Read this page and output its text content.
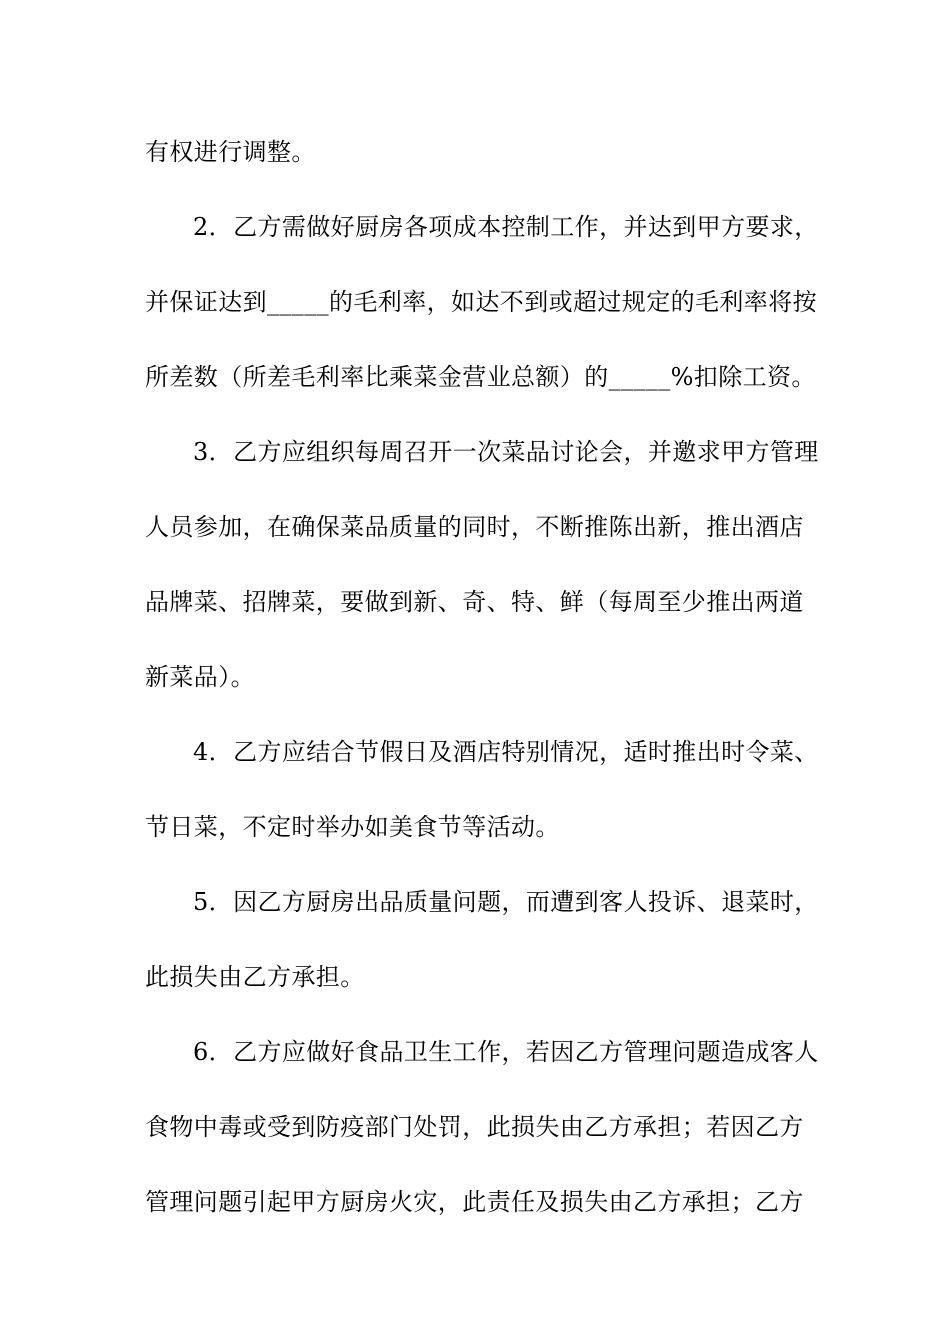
有权进行调整。
2．乙方需做好厨房各项成本控制工作，并达到甲方要求，
并保证达到_____的毛利率，如达不到或超过规定的毛利率将按
所差数（所差毛利率比乘菜金营业总额）的_____%扣除工资。
3．乙方应组织每周召开一次菜品讨论会，并邀求甲方管理
人员参加，在确保菜品质量的同时，不断推陈出新，推出酒店
品牌菜、招牌菜，要做到新、奇、特、鲜（每周至少推出两道
新菜品）。
4．乙方应结合节假日及酒店特别情况，适时推出时令菜、
节日菜，不定时举办如美食节等活动。
5．因乙方厨房出品质量问题，而遭到客人投诉、退菜时，
此损失由乙方承担。
6．乙方应做好食品卫生工作，若因乙方管理问题造成客人
食物中毒或受到防疫部门处罚，此损失由乙方承担；若因乙方
管理问题引起甲方厨房火灾，此责任及损失由乙方承担；乙方
